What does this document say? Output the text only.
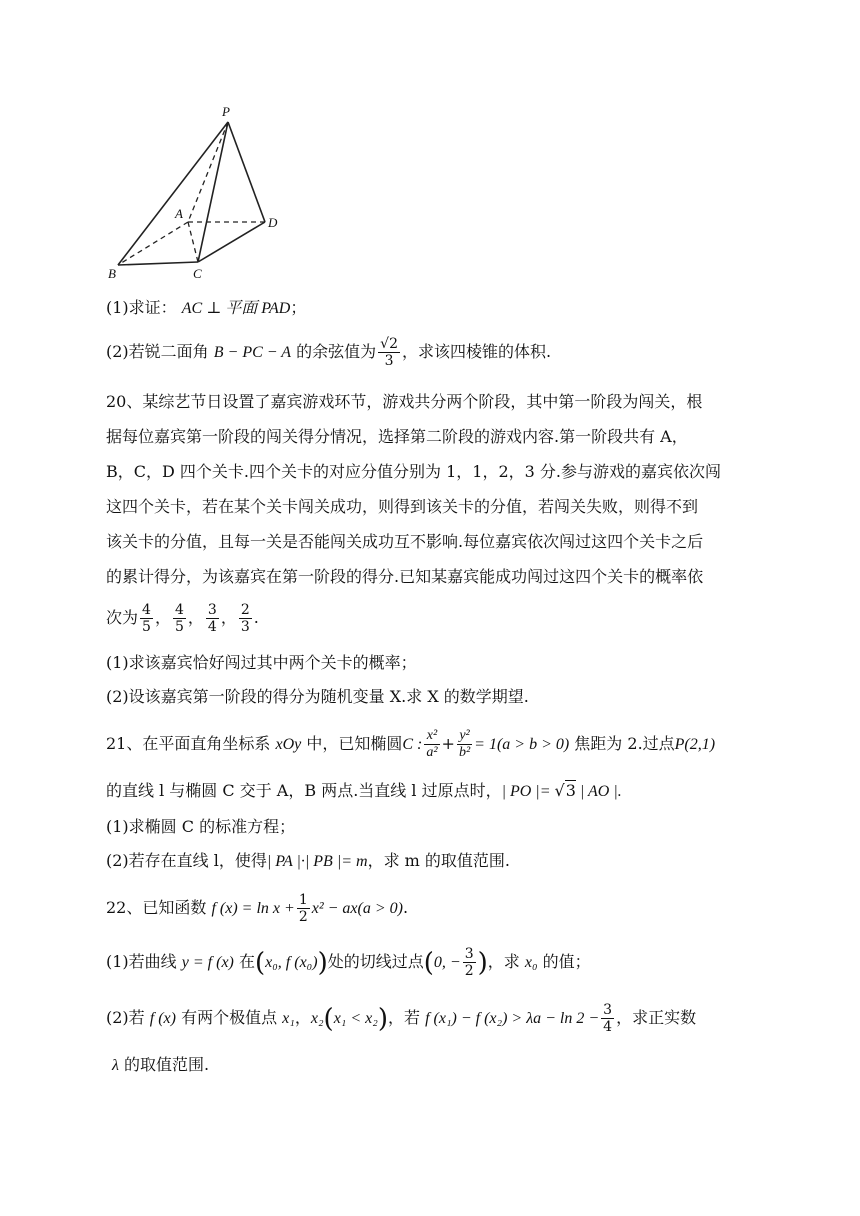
P
A
D
B	C
(1)求证： AC ⊥ 平面 PAD；
(2)若锐二面角 B − PC − A 的余弦值为 $\frac{√2}{3}$ ，求该四棱锥的体积.
20、某综艺节日设置了嘉宾游戏环节，游戏共分两个阶段，其中第一阶段为闯关，根
据每位嘉宾第一阶段的闯关得分情况，选择第二阶段的游戏内容.第一阶段共有 A，
B，C，D 四个关卡.四个关卡的对应分值分别为 1，1，2，3 分.参与游戏的嘉宾依次闯
这四个关卡，若在某个关卡闯关成功，则得到该关卡的分值，若闯关失败，则得不到
该关卡的分值，且每一关是否能闯关成功互不影响.每位嘉宾依次闯过这四个关卡之后
的累计得分，为该嘉宾在第一阶段的得分.已知某嘉宾能成功闯过这四个关卡的概率依
次为 $\frac{4}{5}$ ， $\frac{4}{5}$ ， $\frac{3}{4}$ ， $\frac{2}{3}$ .
(1)求该嘉宾恰好闯过其中两个关卡的概率；
(2)设该嘉宾第一阶段的得分为随机变量 X.求 X 的数学期望.
21、在平面直角坐标系 xOy 中，已知椭圆C : $\frac{\text{x²}}{\text{a²}} + \frac{\text{y²}}{\text{b²}} = 1(a > b > 0)$ 焦距为 2.过点P(2,1)
的直线 l 与椭圆 C 交于 A，B 两点.当直线 l 过原点时，| PO |= √3 | AO |.
(1)求椭圆 C 的标准方程；
(2)若存在直线 l，使得| PA |·| PB |= m，求 m 的取值范围.
22、已知函数 f $(x) = \ln x + \frac{1}{2} x^2 - ax(a > 0)$.
(1)若曲线 y = f (x) 在(x₀, f (x₀))处的切线过点(0, − $\frac{3}{2}$ )，求 x₀ 的值；
(2)若 f (x) 有两个极值点 x₁，x₂(x₁ < x₂)，若 f (x₁) − f $(x_2) > \lambda a - \ln 2 - \frac{3}{4}$ ，求正实数
λ 的取值范围.
